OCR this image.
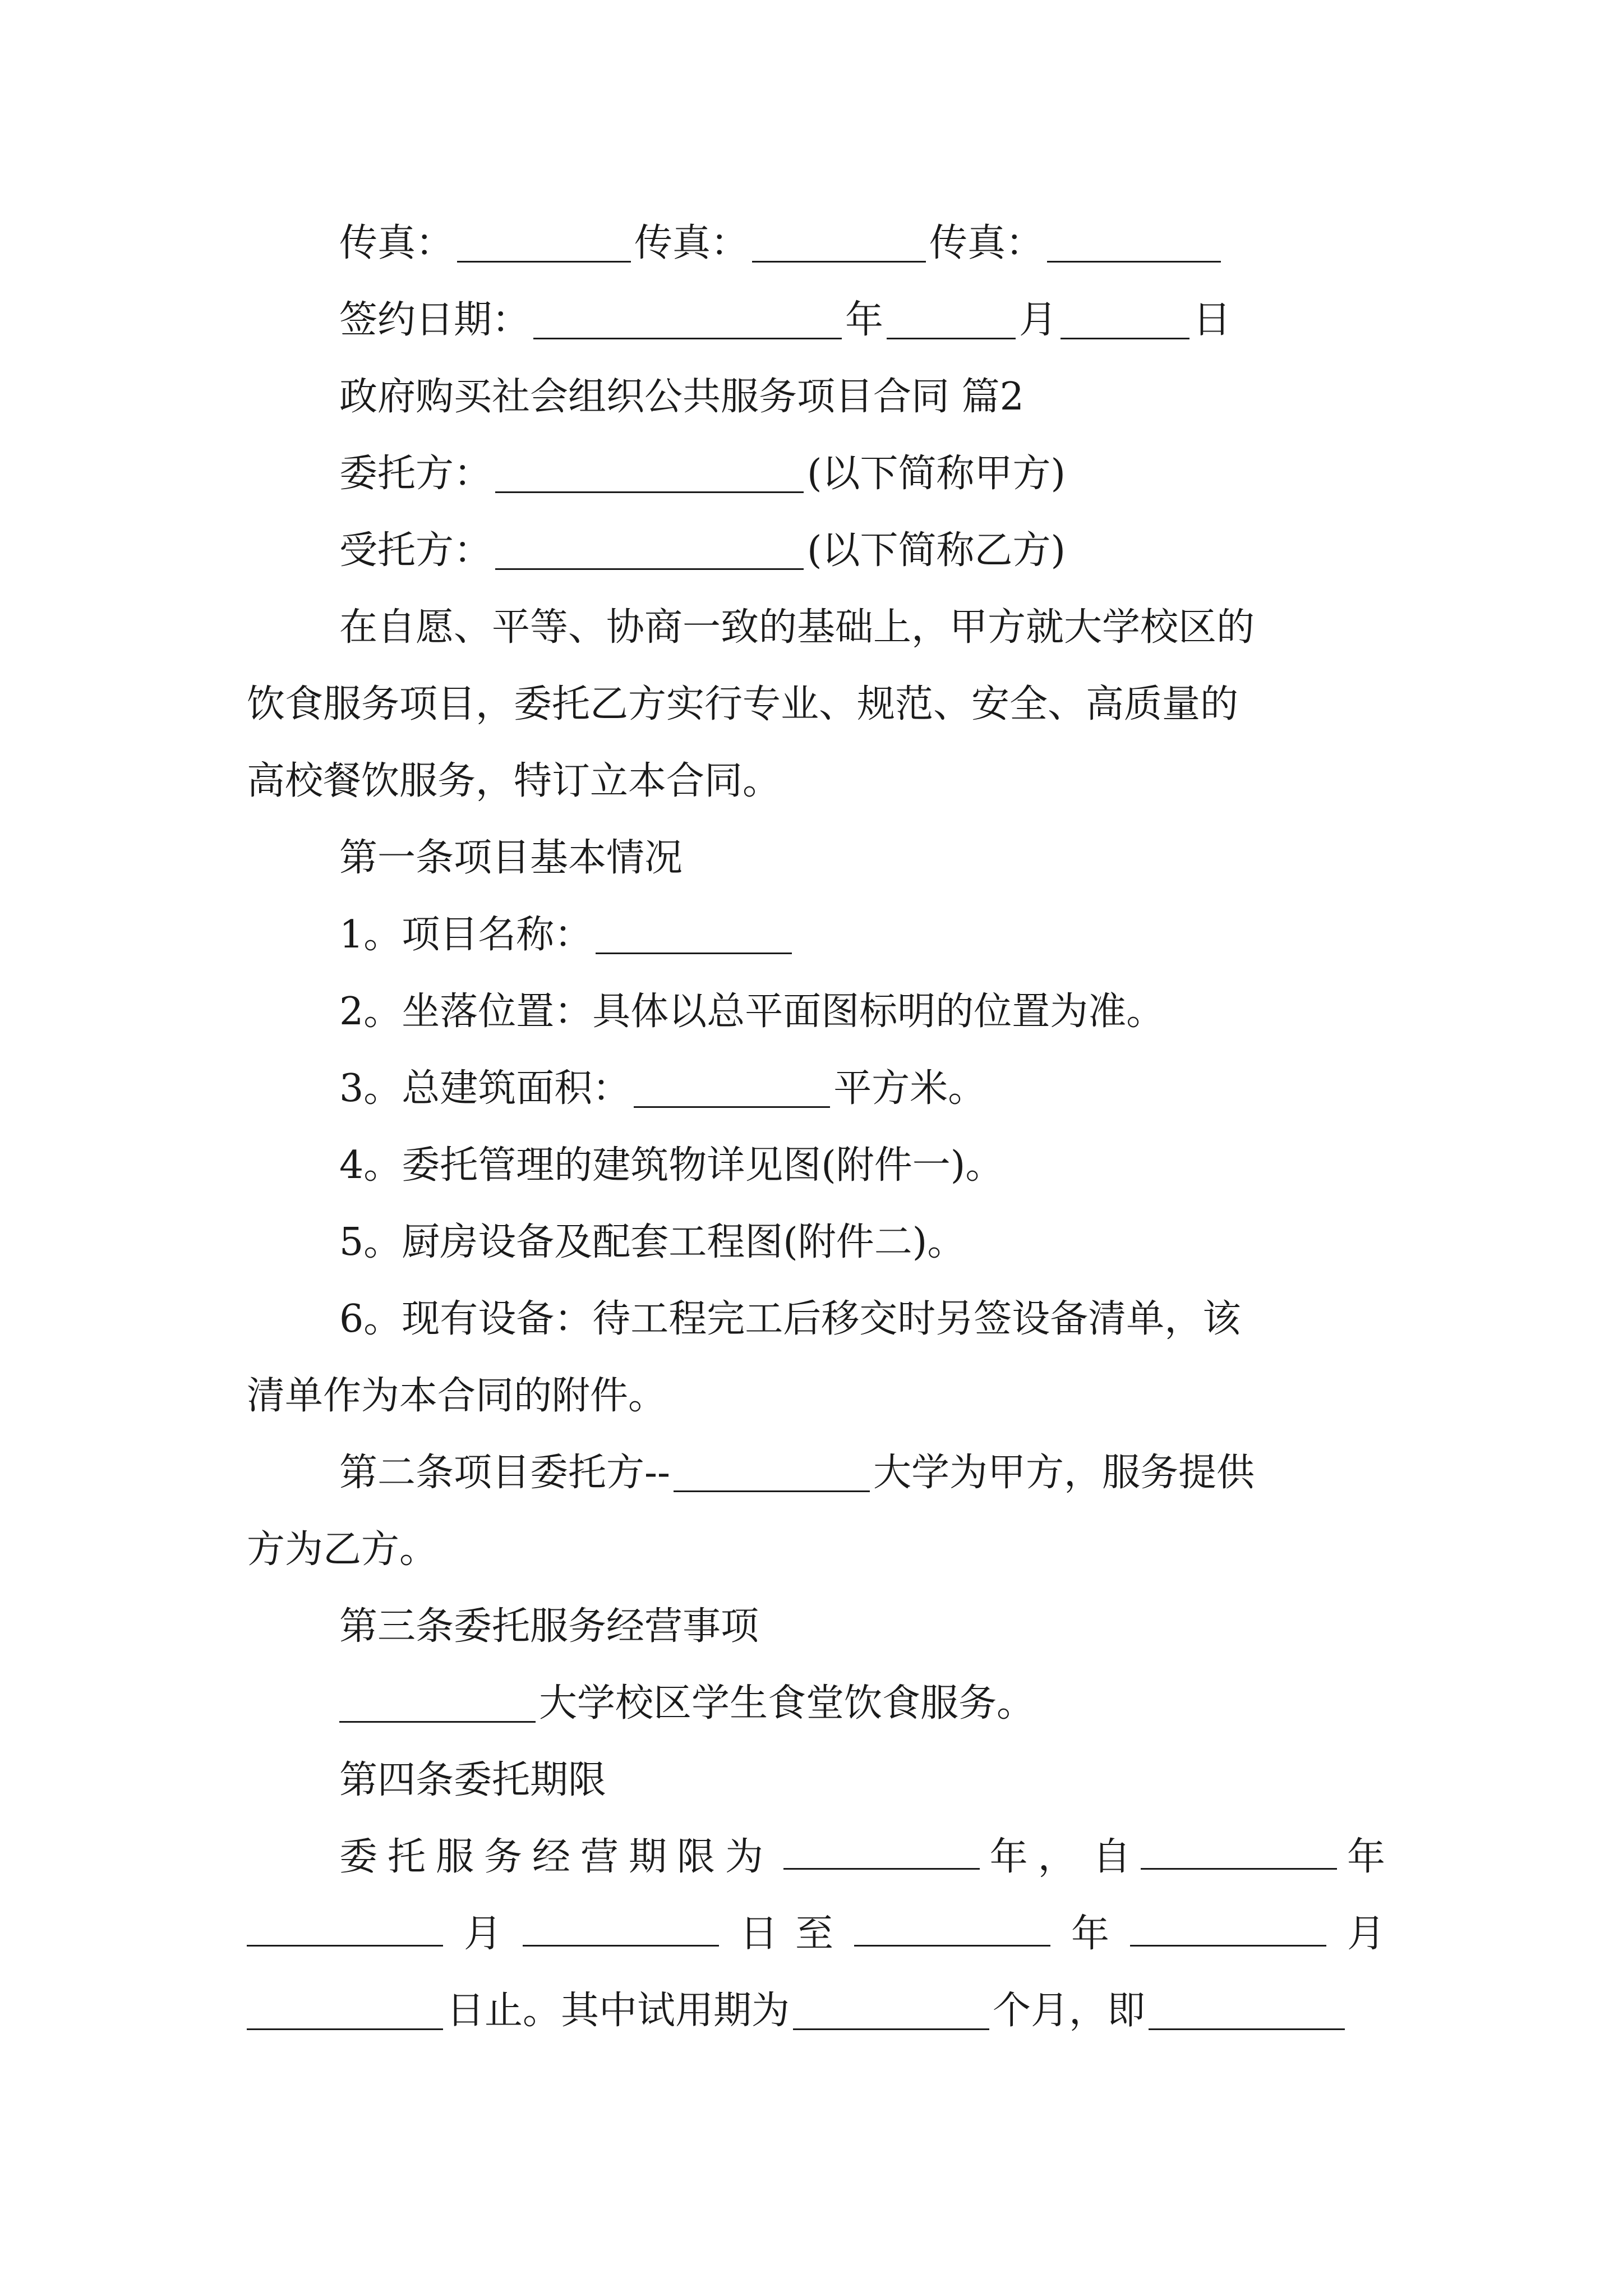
传真：	传真：	传真：
签约日期：	年	月	日
政府购买社会组织公共服务项目合同 篇2
委托方：	(以下简称甲方)
受托方：	(以下简称乙方)
在自愿、平等、协商一致的基础上，甲方就大学校区的
饮食服务项目，委托乙方实行专业、规范、安全、高质量的
高校餐饮服务，特订立本合同。
第一条项目基本情况
1。项目名称：
2。坐落位置：具体以总平面图标明的位置为准。
3。总建筑面积：	平方米。
4。委托管理的建筑物详见图(附件一)。
5。厨房设备及配套工程图(附件二)。
6。现有设备：待工程完工后移交时另签设备清单，该
清单作为本合同的附件。
第二条项目委托方--	大学为甲方，服务提供
方为乙方。
第三条委托服务经营事项
大学校区学生食堂饮食服务。
第四条委托期限
委托服务经营期限为	年， 自	年
月	日 至	年	月
日止。其中试用期为	个月，即
